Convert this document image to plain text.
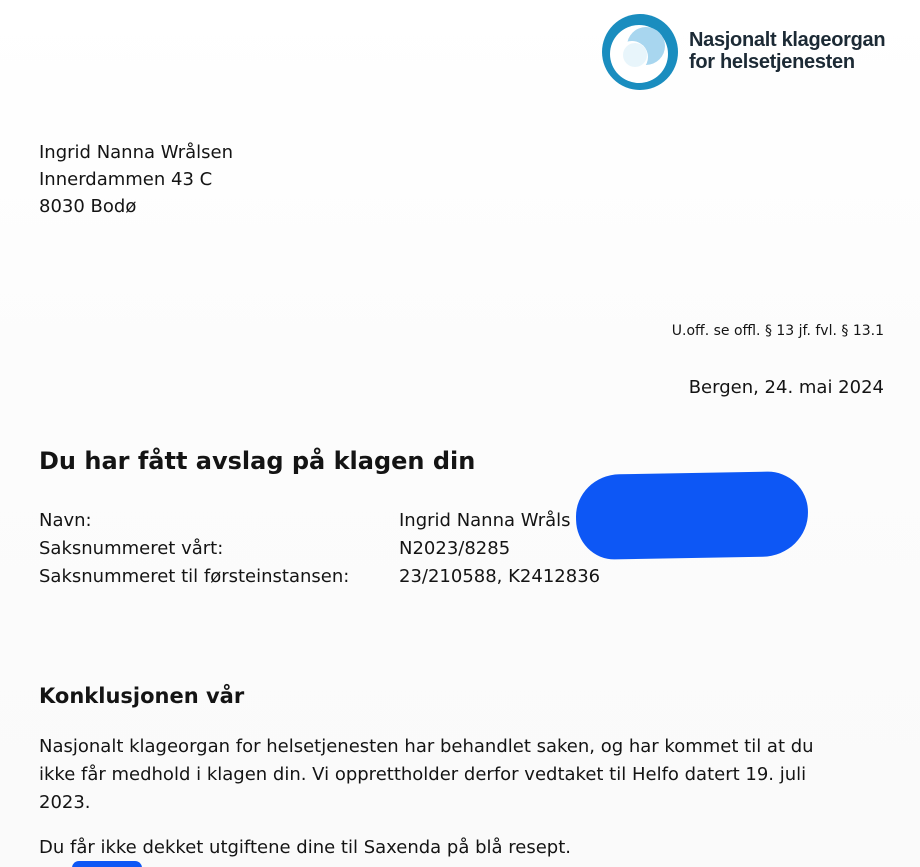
Nasjonalt klageorgan
for helsetjenesten
Ingrid Nanna Wrålsen
Innerdammen 43 C
8030 Bodø
U.off. se offl. § 13 jf. fvl. § 13.1
Bergen, 24. mai 2024
Du har fått avslag på klagen din
Navn:	Ingrid Nanna Wråls
Saksnummeret vårt:	N2023/8285
Saksnummeret til førsteinstansen:	23/210588, K2412836
Konklusjonen vår

Nasjonalt klageorgan for helsetjenesten har behandlet saken, og har kommet til at du
ikke får medhold i klagen din. Vi opprettholder derfor vedtaket til Helfo datert 19. juli
2023.

Du får ikke dekket utgiftene dine til Saxenda på blå resept.
